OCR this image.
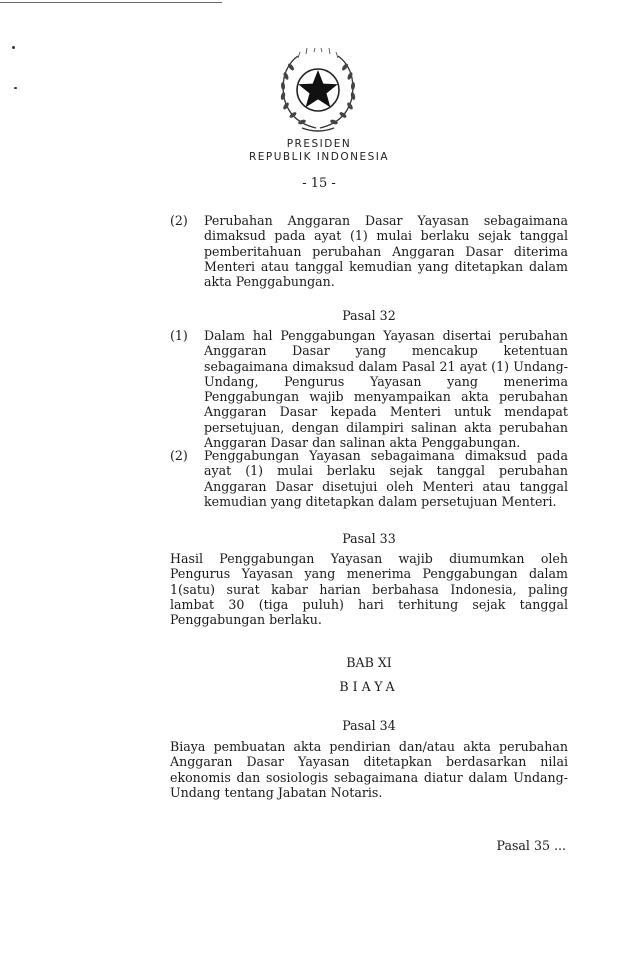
PRESIDEN
REPUBLIK INDONESIA
- 15 -

(2) Perubahan Anggaran Dasar Yayasan sebagaimana dimaksud pada ayat (1) mulai berlaku sejak tanggal pemberitahuan perubahan Anggaran Dasar diterima Menteri atau tanggal kemudian yang ditetapkan dalam akta Penggabungan.

Pasal 32

(1) Dalam hal Penggabungan Yayasan disertai perubahan Anggaran Dasar yang mencakup ketentuan sebagaimana dimaksud dalam Pasal 21 ayat (1) Undang-Undang, Pengurus Yayasan yang menerima Penggabungan wajib menyampaikan akta perubahan Anggaran Dasar kepada Menteri untuk mendapat persetujuan, dengan dilampiri salinan akta perubahan Anggaran Dasar dan salinan akta Penggabungan.

(2) Penggabungan Yayasan sebagaimana dimaksud pada ayat (1) mulai berlaku sejak tanggal perubahan Anggaran Dasar disetujui oleh Menteri atau tanggal kemudian yang ditetapkan dalam persetujuan Menteri.

Pasal 33

Hasil Penggabungan Yayasan wajib diumumkan oleh Pengurus Yayasan yang menerima Penggabungan dalam 1(satu) surat kabar harian berbahasa Indonesia, paling lambat 30 (tiga puluh) hari terhitung sejak tanggal Penggabungan berlaku.

BAB XI

BIAYA

Pasal 34

Biaya pembuatan akta pendirian dan/atau akta perubahan Anggaran Dasar Yayasan ditetapkan berdasarkan nilai ekonomis dan sosiologis sebagaimana diatur dalam Undang-Undang tentang Jabatan Notaris.

Pasal 35 ...
